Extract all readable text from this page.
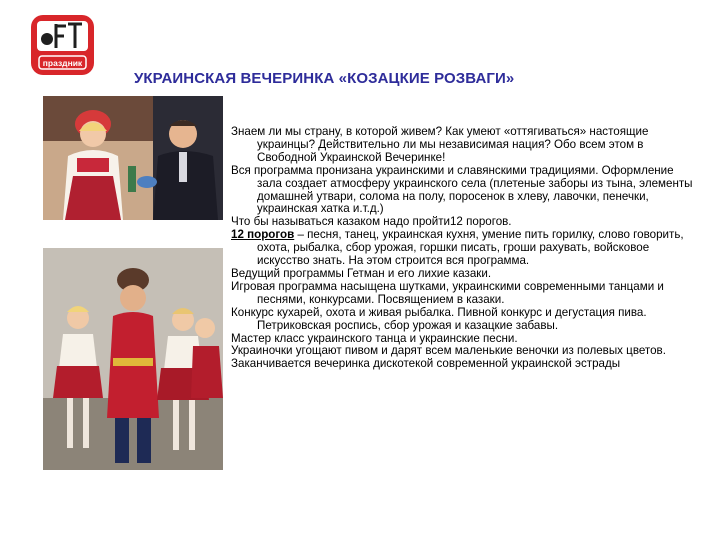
праздник
УКРАИНСКАЯ ВЕЧЕРИНКА «КОЗАЦКИЕ РОЗВАГИ»

Знаем ли мы страну, в которой живем? Как умеют «оттягиваться» настоящие украинцы? Действительно ли мы независимая нация? Обо всем этом в Свободной Украинской Вечеринке!

Вся программа пронизана украинскими и славянскими традициями. Оформление зала создает атмосферу украинского села (плетеные заборы из тына, элементы домашней утвари, солома на полу, поросенок в хлеву, лавочки, пенечки, украинская хатка и.т.д.)

Что бы называться казаком надо пройти12 порогов.

12 порогов – песня, танец, украинская кухня, умение пить горилку, слово говорить, охота, рыбалка, сбор урожая, горшки писать, гроши рахувать, войсковое искусство знать. На этом строится вся программа.

Ведущий программы Гетман и его лихие казаки.

Игровая программа насыщена шутками, украинскими современными танцами и песнями, конкурсами. Посвящением в казаки.

Конкурс кухарей, охота и живая рыбалка. Пивной конкурс и дегустация пива. Петриковская роспись, сбор урожая и казацкие забавы.

Мастер класс украинского танца и украинские песни.

Украиночки угощают пивом и дарят всем маленькие веночки из полевых цветов.

Заканчивается вечеринка дискотекой современной украинской эстрады
